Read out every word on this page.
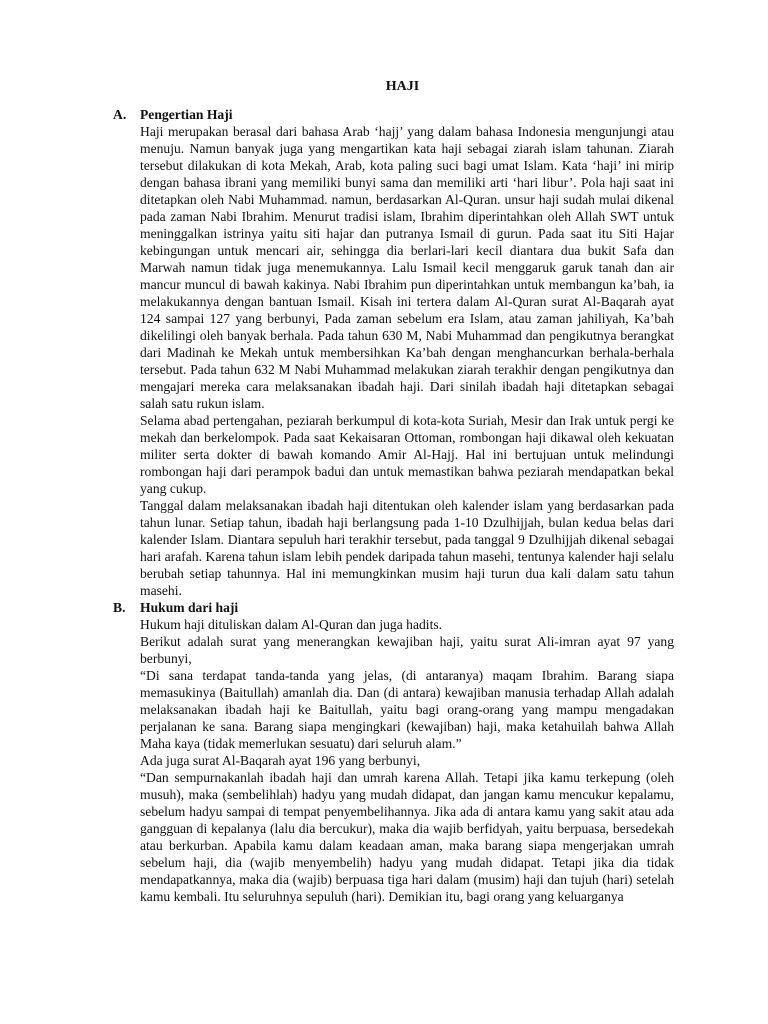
HAJI
A.	Pengertian Haji

Haji merupakan berasal dari bahasa Arab ‘hajj’ yang dalam bahasa Indonesia mengunjungi atau menuju. Namun banyak juga yang mengartikan kata haji sebagai ziarah islam tahunan. Ziarah tersebut dilakukan di kota Mekah, Arab, kota paling suci bagi umat Islam. Kata ‘haji’ ini mirip dengan bahasa ibrani yang memiliki bunyi sama dan memiliki arti ‘hari libur’. Pola haji saat ini ditetapkan oleh Nabi Muhammad. namun, berdasarkan Al-Quran. unsur haji sudah mulai dikenal pada zaman Nabi Ibrahim. Menurut tradisi islam, Ibrahim diperintahkan oleh Allah SWT untuk meninggalkan istrinya yaitu siti hajar dan putranya Ismail di gurun. Pada saat itu Siti Hajar kebingungan untuk mencari air, sehingga dia berlari-lari kecil diantara dua bukit Safa dan Marwah namun tidak juga menemukannya. Lalu Ismail kecil menggaruk garuk tanah dan air mancur muncul di bawah kakinya. Nabi Ibrahim pun diperintahkan untuk membangun ka’bah, ia melakukannya dengan bantuan Ismail. Kisah ini tertera dalam Al-Quran surat Al-Baqarah ayat 124 sampai 127 yang berbunyi, Pada zaman sebelum era Islam, atau zaman jahiliyah, Ka’bah dikelilingi oleh banyak berhala. Pada tahun 630 M, Nabi Muhammad dan pengikutnya berangkat dari Madinah ke Mekah untuk membersihkan Ka’bah dengan menghancurkan berhala-berhala tersebut. Pada tahun 632 M Nabi Muhammad melakukan ziarah terakhir dengan pengikutnya dan mengajari mereka cara melaksanakan ibadah haji. Dari sinilah ibadah haji ditetapkan sebagai salah satu rukun islam.

Selama abad pertengahan, peziarah berkumpul di kota-kota Suriah, Mesir dan Irak untuk pergi ke mekah dan berkelompok. Pada saat Kekaisaran Ottoman, rombongan haji dikawal oleh kekuatan militer serta dokter di bawah komando Amir Al-Hajj. Hal ini bertujuan untuk melindungi rombongan haji dari perampok badui dan untuk memastikan bahwa peziarah mendapatkan bekal yang cukup.

Tanggal dalam melaksanakan ibadah haji ditentukan oleh kalender islam yang berdasarkan pada tahun lunar. Setiap tahun, ibadah haji berlangsung pada 1-10 Dzulhijjah, bulan kedua belas dari kalender Islam. Diantara sepuluh hari terakhir tersebut, pada tanggal 9 Dzulhijjah dikenal sebagai hari arafah. Karena tahun islam lebih pendek daripada tahun masehi, tentunya kalender haji selalu berubah setiap tahunnya. Hal ini memungkinkan musim haji turun dua kali dalam satu tahun masehi.

B.	Hukum dari haji

Hukum haji dituliskan dalam Al-Quran dan juga hadits.

Berikut adalah surat yang menerangkan kewajiban haji, yaitu surat Ali-imran ayat 97 yang berbunyi,

“Di sana terdapat tanda-tanda yang jelas, (di antaranya) maqam Ibrahim. Barang siapa memasukinya (Baitullah) amanlah dia. Dan (di antara) kewajiban manusia terhadap Allah adalah melaksanakan ibadah haji ke Baitullah, yaitu bagi orang-orang yang mampu mengadakan perjalanan ke sana. Barang siapa mengingkari (kewajiban) haji, maka ketahuilah bahwa Allah Maha kaya (tidak memerlukan sesuatu) dari seluruh alam.”

Ada juga surat Al-Baqarah ayat 196 yang berbunyi,

“Dan sempurnakanlah ibadah haji dan umrah karena Allah. Tetapi jika kamu terkepung (oleh musuh), maka (sembelihlah) hadyu yang mudah didapat, dan jangan kamu mencukur kepalamu, sebelum hadyu sampai di tempat penyembelihannya. Jika ada di antara kamu yang sakit atau ada gangguan di kepalanya (lalu dia bercukur), maka dia wajib berfidyah, yaitu berpuasa, bersedekah atau berkurban. Apabila kamu dalam keadaan aman, maka barang siapa mengerjakan umrah sebelum haji, dia (wajib menyembelih) hadyu yang mudah didapat. Tetapi jika dia tidak mendapatkannya, maka dia (wajib) berpuasa tiga hari dalam (musim) haji dan tujuh (hari) setelah kamu kembali. Itu seluruhnya sepuluh (hari). Demikian itu, bagi orang yang keluarganya
